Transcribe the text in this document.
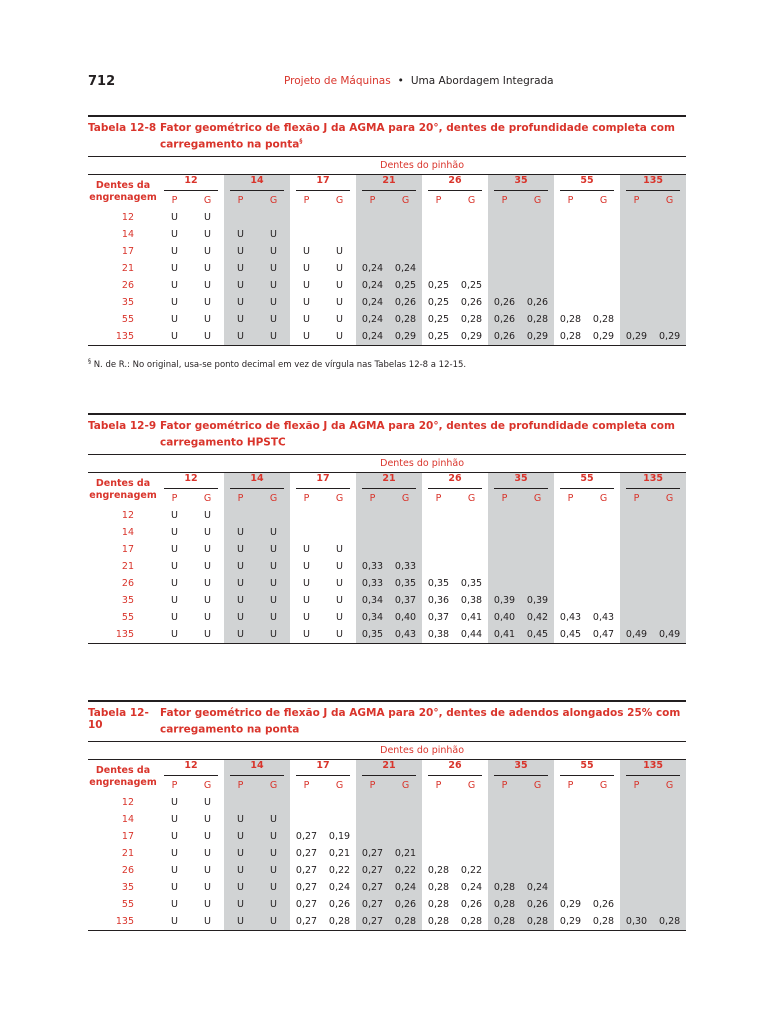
712	Projeto de Máquinas • Uma Abordagem Integrada
Tabela 12-8 Fator geométrico de flexão J da AGMA para 20°, dentes de profundidade completa com
carregamento na ponta§
	Dentes do pinhão															

Dentes da
engrenagem	12		14		17		21		26		35		55		135	

	P	G	P	G	P	G	P	G	P	G	P	G	P	G	P	G
12	U	U														
14	U	U	U	U												
17	U	U	U	U	U	U										
21	U	U	U	U	U	U	0,24	0,24								
26	U	U	U	U	U	U	0,24	0,25	0,25	0,25						
35	U	U	U	U	U	U	0,24	0,26	0,25	0,26	0,26	0,26				
55	U	U	U	U	U	U	0,24	0,28	0,25	0,28	0,26	0,28	0,28	0,28		
135	U	U	U	U	U	U	0,24	0,29	0,25	0,29	0,26	0,29	0,28	0,29	0,29	0,29
§ N. de R.: No original, usa-se ponto decimal em vez de vírgula nas Tabelas 12-8 a 12-15.
Tabela 12-9 Fator geométrico de flexão J da AGMA para 20°, dentes de profundidade completa com
carregamento HPSTC
	Dentes do pinhão															

Dentes da
engrenagem	12		14		17		21		26		35		55		135	

	P	G	P	G	P	G	P	G	P	G	P	G	P	G	P	G
12	U	U														
14	U	U	U	U												
17	U	U	U	U	U	U										
21	U	U	U	U	U	U	0,33	0,33								
26	U	U	U	U	U	U	0,33	0,35	0,35	0,35						
35	U	U	U	U	U	U	0,34	0,37	0,36	0,38	0,39	0,39				
55	U	U	U	U	U	U	0,34	0,40	0,37	0,41	0,40	0,42	0,43	0,43		
135	U	U	U	U	U	U	0,35	0,43	0,38	0,44	0,41	0,45	0,45	0,47	0,49	0,49
Tabela 12-10
Fator geométrico de flexão J da AGMA para 20°, dentes de adendos alongados 25% com
carregamento na ponta
	Dentes do pinhão															

Dentes da
engrenagem	12		14		17		21		26		35		55		135	

	P	G	P	G	P	G	P	G	P	G	P	G	P	G	P	G
12	U	U														
14	U	U	U	U												
17	U	U	U	U	0,27	0,19										
21	U	U	U	U	0,27	0,21	0,27	0,21								
26	U	U	U	U	0,27	0,22	0,27	0,22	0,28	0,22						
35	U	U	U	U	0,27	0,24	0,27	0,24	0,28	0,24	0,28	0,24				
55	U	U	U	U	0,27	0,26	0,27	0,26	0,28	0,26	0,28	0,26	0,29	0,26		
135	U	U	U	U	0,27	0,28	0,27	0,28	0,28	0,28	0,28	0,28	0,29	0,28	0,30	0,28
